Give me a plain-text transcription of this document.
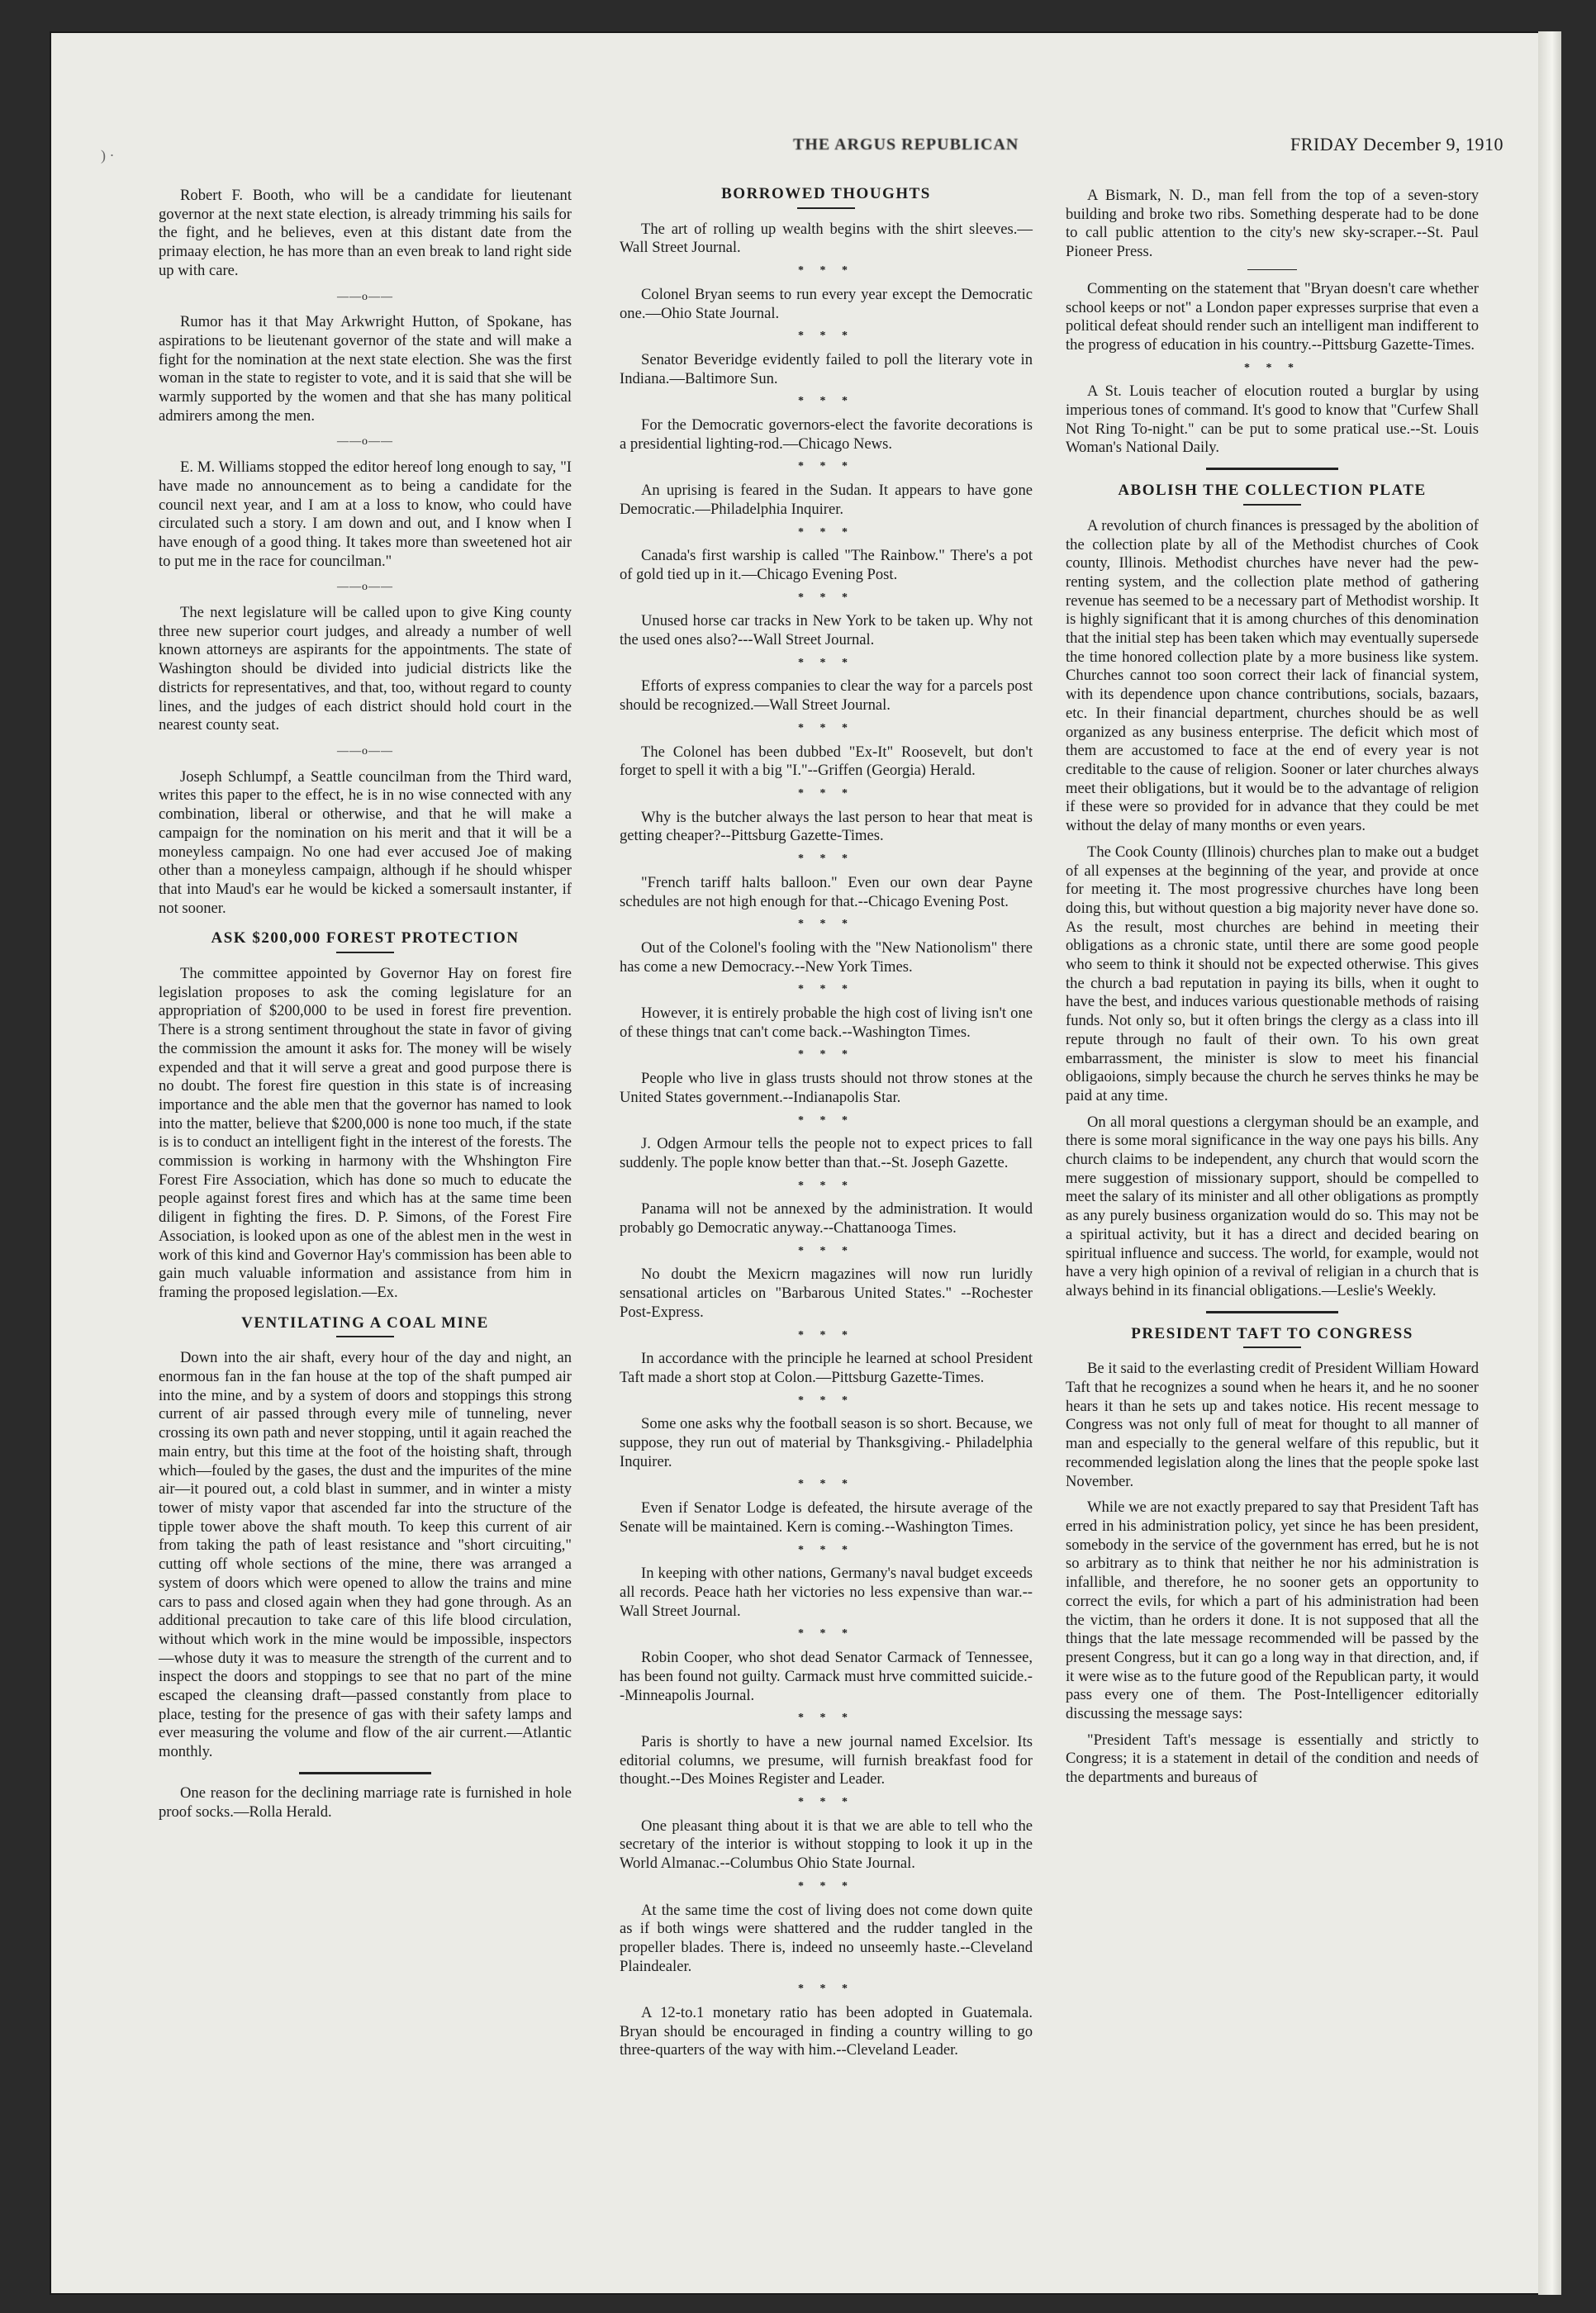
) ·
THE ARGUS REPUBLICAN	FRIDAY December 9, 1910

Robert F. Booth, who will be a candidate for lieutenant governor at the next state election, is already trimming his sails for the fight, and he believes, even at this distant date from the primaay election, he has more than an even break to land right side up with care.

——o——

Rumor has it that May Arkwright Hutton, of Spokane, has aspirations to be lieutenant governor of the state and will make a fight for the nomination at the next state election. She was the first woman in the state to register to vote, and it is said that she will be warmly supported by the women and that she has many political admirers among the men.

——o——

E. M. Williams stopped the editor hereof long enough to say, "I have made no announcement as to being a candidate for the council next year, and I am at a loss to know, who could have circulated such a story. I am down and out, and I know when I have enough of a good thing. It takes more than sweetened hot air to put me in the race for councilman."

——o——

The next legislature will be called upon to give King county three new superior court judges, and already a number of well known attorneys are aspirants for the appointments. The state of Washington should be divided into judicial districts like the districts for representatives, and that, too, without regard to county lines, and the judges of each district should hold court in the nearest county seat.

——o——

Joseph Schlumpf, a Seattle councilman from the Third ward, writes this paper to the effect, he is in no wise connected with any combination, liberal or otherwise, and that he will make a campaign for the nomination on his merit and that it will be a moneyless campaign. No one had ever accused Joe of making other than a moneyless campaign, although if he should whisper that into Maud's ear he would be kicked a somersault instanter, if not sooner.

ASK $200,000 FOREST PROTECTION

The committee appointed by Governor Hay on forest fire legislation proposes to ask the coming legislature for an appropriation of $200,000 to be used in forest fire prevention. There is a strong sentiment throughout the state in favor of giving the commission the amount it asks for. The money will be wisely expended and that it will serve a great and good purpose there is no doubt. The forest fire question in this state is of increasing importance and the able men that the governor has named to look into the matter, believe that $200,000 is none too much, if the state is is to conduct an intelligent fight in the interest of the forests. The commission is working in harmony with the Whshington Fire Forest Fire Association, which has done so much to educate the people against forest fires and which has at the same time been diligent in fighting the fires. D. P. Simons, of the Forest Fire Association, is looked upon as one of the ablest men in the west in work of this kind and Governor Hay's commission has been able to gain much valuable information and assistance from him in framing the proposed legislation.—Ex.

VENTILATING A COAL MINE

Down into the air shaft, every hour of the day and night, an enormous fan in the fan house at the top of the shaft pumped air into the mine, and by a system of doors and stoppings this strong current of air passed through every mile of tunneling, never crossing its own path and never stopping, until it again reached the main entry, but this time at the foot of the hoisting shaft, through which—fouled by the gases, the dust and the impurites of the mine air—it poured out, a cold blast in summer, and in winter a misty tower of misty vapor that ascended far into the structure of the tipple tower above the shaft mouth. To keep this current of air from taking the path of least resistance and "short circuiting," cutting off whole sections of the mine, there was arranged a system of doors which were opened to allow the trains and mine cars to pass and closed again when they had gone through. As an additional precaution to take care of this life blood circulation, without which work in the mine would be impossible, inspectors —whose duty it was to measure the strength of the current and to inspect the doors and stoppings to see that no part of the mine escaped the cleansing draft—passed constantly from place to place, testing for the presence of gas with their safety lamps and ever measuring the volume and flow of the air current.—Atlantic monthly.

One reason for the declining marriage rate is furnished in hole proof socks.—Rolla Herald.

BORROWED THOUGHTS

The art of rolling up wealth begins with the shirt sleeves.—Wall Street Journal.

* * *

Colonel Bryan seems to run every year except the Democratic one.—Ohio State Journal.

* * *

Senator Beveridge evidently failed to poll the literary vote in Indiana.—Baltimore Sun.

* * *

For the Democratic governors-elect the favorite decorations is a presidential lighting-rod.—Chicago News.

* * *

An uprising is feared in the Sudan. It appears to have gone Democratic.—Philadelphia Inquirer.

* * *

Canada's first warship is called "The Rainbow." There's a pot of gold tied up in it.—Chicago Evening Post.

* * *

Unused horse car tracks in New York to be taken up. Why not the used ones also?---Wall Street Journal.

* * *

Efforts of express companies to clear the way for a parcels post should be recognized.—Wall Street Journal.

* * *

The Colonel has been dubbed "Ex-It" Roosevelt, but don't forget to spell it with a big "I."--Griffen (Georgia) Herald.

* * *

Why is the butcher always the last person to hear that meat is getting cheaper?--Pittsburg Gazette-Times.

* * *

"French tariff halts balloon." Even our own dear Payne schedules are not high enough for that.--Chicago Evening Post.

* * *

Out of the Colonel's fooling with the "New Nationolism" there has come a new Democracy.--New York Times.

* * *

However, it is entirely probable the high cost of living isn't one of these things tnat can't come back.--Washington Times.

* * *

People who live in glass trusts should not throw stones at the United States government.--Indianapolis Star.

* * *

J. Odgen Armour tells the people not to expect prices to fall suddenly. The pople know better than that.--St. Joseph Gazette.

* * *

Panama will not be annexed by the administration. It would probably go Democratic anyway.--Chattanooga Times.

* * *

No doubt the Mexicrn magazines will now run luridly sensational articles on "Barbarous United States." --Rochester Post-Express.

* * *

In accordance with the principle he learned at school President Taft made a short stop at Colon.—Pittsburg Gazette-Times.

* * *

Some one asks why the football season is so short. Because, we suppose, they run out of material by Thanksgiving.- Philadelphia Inquirer.

* * *

Even if Senator Lodge is defeated, the hirsute average of the Senate will be maintained. Kern is coming.--Washington Times.

* * *

In keeping with other nations, Germany's naval budget exceeds all records. Peace hath her victories no less expensive than war.--Wall Street Journal.

* * *

Robin Cooper, who shot dead Senator Carmack of Tennessee, has been found not guilty. Carmack must hrve committed suicide.--Minneapolis Journal.

* * *

Paris is shortly to have a new journal named Excelsior. Its editorial columns, we presume, will furnish breakfast food for thought.--Des Moines Register and Leader.

* * *

One pleasant thing about it is that we are able to tell who the secretary of the interior is without stopping to look it up in the World Almanac.--Columbus Ohio State Journal.

* * *

At the same time the cost of living does not come down quite as if both wings were shattered and the rudder tangled in the propeller blades. There is, indeed no unseemly haste.--Cleveland Plaindealer.

* * *

A 12-to.1 monetary ratio has been adopted in Guatemala. Bryan should be encouraged in finding a country willing to go three-quarters of the way with him.--Cleveland Leader.

A Bismark, N. D., man fell from the top of a seven-story building and broke two ribs. Something desperate had to be done to call public attention to the city's new sky-scraper.--St. Paul Pioneer Press.

Commenting on the statement that "Bryan doesn't care whether school keeps or not" a London paper expresses surprise that even a political defeat should render such an intelligent man indifferent to the progress of education in his country.--Pittsburg Gazette-Times.

* * *

A St. Louis teacher of elocution routed a burglar by using imperious tones of command. It's good to know that "Curfew Shall Not Ring To-night." can be put to some pratical use.--St. Louis Woman's National Daily.

ABOLISH THE COLLECTION PLATE

A revolution of church finances is pressaged by the abolition of the collection plate by all of the Methodist churches of Cook county, Illinois. Methodist churches have never had the pew-renting system, and the collection plate method of gathering revenue has seemed to be a necessary part of Methodist worship. It is highly significant that it is among churches of this denomination that the initial step has been taken which may eventually supersede the time honored collection plate by a more business like system. Churches cannot too soon correct their lack of financial system, with its dependence upon chance contributions, socials, bazaars, etc. In their financial department, churches should be as well organized as any business enterprise. The deficit which most of them are accustomed to face at the end of every year is not creditable to the cause of religion. Sooner or later churches always meet their obligations, but it would be to the advantage of religion if these were so provided for in advance that they could be met without the delay of many months or even years.

The Cook County (Illinois) churches plan to make out a budget of all expenses at the beginning of the year, and provide at once for meeting it. The most progressive churches have long been doing this, but without question a big majority never have done so. As the result, most churches are behind in meeting their obligations as a chronic state, until there are some good people who seem to think it should not be expected otherwise. This gives the church a bad reputation in paying its bills, when it ought to have the best, and induces various questionable methods of raising funds. Not only so, but it often brings the clergy as a class into ill repute through no fault of their own. To his own great embarrassment, the minister is slow to meet his financial obligaoions, simply because the church he serves thinks he may be paid at any time.

On all moral questions a clergyman should be an example, and there is some moral significance in the way one pays his bills. Any church claims to be independent, any church that would scorn the mere suggestion of missionary support, should be compelled to meet the salary of its minister and all other obligations as promptly as any purely business organization would do so. This may not be a spiritual activity, but it has a direct and decided bearing on spiritual influence and success. The world, for example, would not have a very high opinion of a revival of religian in a church that is always behind in its financial obligations.—Leslie's Weekly.

PRESIDENT TAFT TO CONGRESS

Be it said to the everlasting credit of President William Howard Taft that he recognizes a sound when he hears it, and he no sooner hears it than he sets up and takes notice. His recent message to Congress was not only full of meat for thought to all manner of man and especially to the general welfare of this republic, but it recommended legislation along the lines that the people spoke last November.

While we are not exactly prepared to say that President Taft has erred in his administration policy, yet since he has been president, somebody in the service of the government has erred, but he is not so arbitrary as to think that neither he nor his administration is infallible, and therefore, he no sooner gets an opportunity to correct the evils, for which a part of his administration had been the victim, than he orders it done. It is not supposed that all the things that the late message recommended will be passed by the present Congress, but it can go a long way in that direction, and, if it were wise as to the future good of the Republican party, it would pass every one of them. The Post-Intelligencer editorially discussing the message says:

"President Taft's message is essentially and strictly to Congress; it is a statement in detail of the condition and needs of the departments and bureaus of
